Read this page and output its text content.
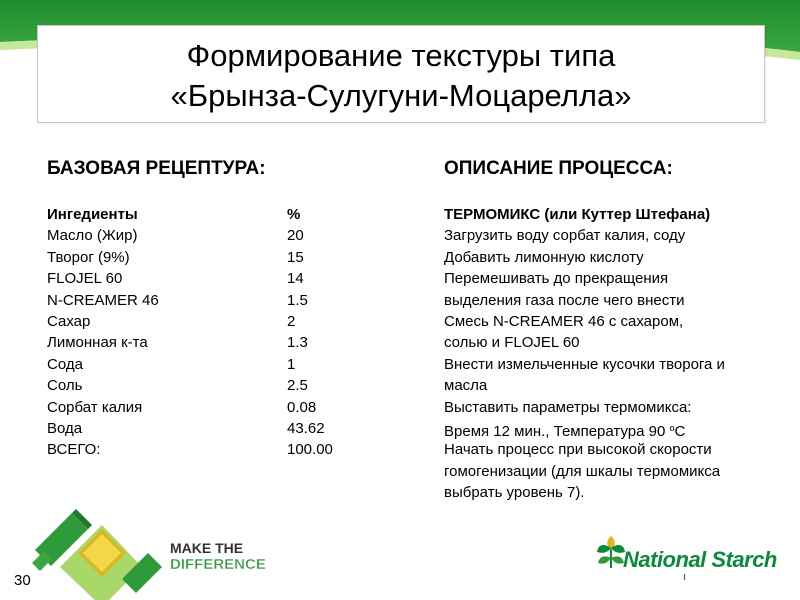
Формирование текстуры типа
«Брынза-Сулугуни-Моцарелла»
БАЗОВАЯ РЕЦЕПТУРА:	ОПИСАНИЕ ПРОЦЕССА:
Ингедиенты	%
Масло (Жир)	20
Творог (9%)	15
FLOJEL 60	14
N-CREAMER 46	1.5
Сахар	2
Лимонная к-та	1.3
Сода	1
Соль	2.5
Сорбат калия	0.08
Вода	43.62
ВСЕГО:	100.00
ТЕРМОМИКС (или Куттер Штефана)
Загрузить воду сорбат калия, соду
Добавить лимонную кислоту
Перемешивать до прекращения
выделения газа после чего внести
Смесь N-CREAMER 46 с сахаром,
солью и FLOJEL 60
Внести измельченные кусочки творога и
масла
Выставить параметры термомикса:
Время 12 мин., Температура 90 $^o$С
Начать процесс при высокой скорости
гомогенизации (для шкалы термомикса
выбрать уровень 7).
MAKE THE
DIFFERENCE
30
National Starch
